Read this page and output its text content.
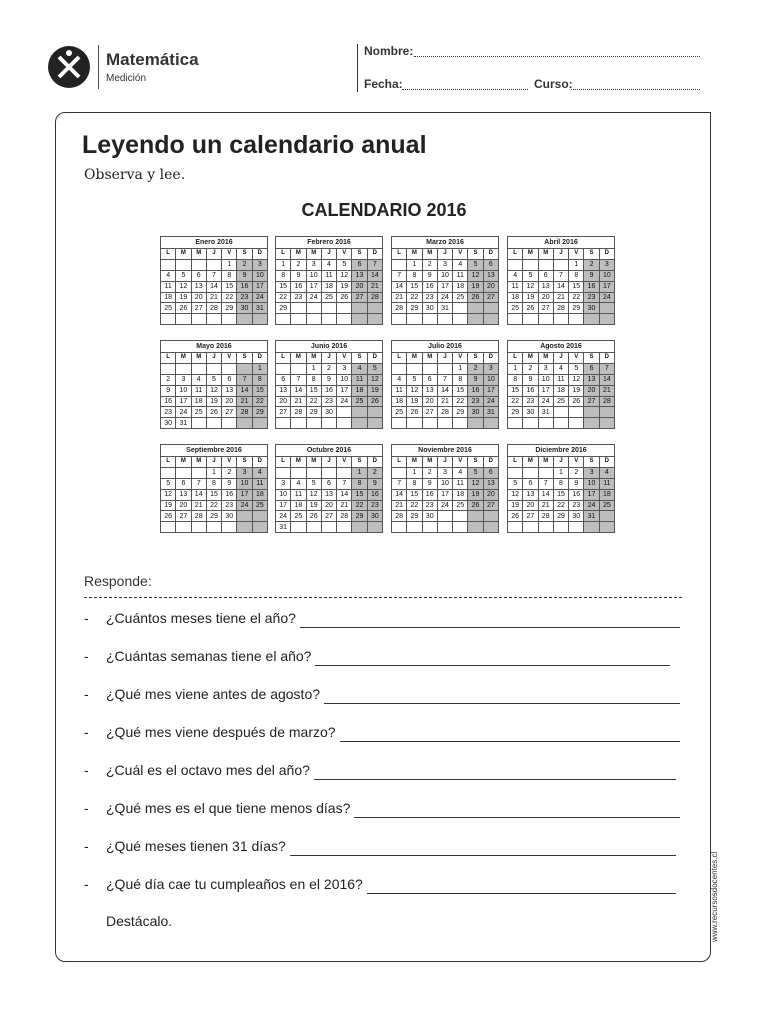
Matemática
Medición
Nombre:
Fecha:	Curso:
Leyendo un calendario anual
Observa y lee.
CALENDARIO 2016
Enero 2016
L	M	M	J	V	S	D
				1	2	3
4	5	6	7	8	9	10
11	12	13	14	15	16	17
18	19	20	21	22	23	24
25	26	27	28	29	30	31

Febrero 2016
L	M	M	J	V	S	D
1	2	3	4	5	6	7
8	9	10	11	12	13	14
15	16	17	18	19	20	21
22	23	24	25	26	27	28
29						

Marzo 2016
L	M	M	J	V	S	D
	1	2	3	4	5	6
7	8	9	10	11	12	13
14	15	16	17	18	19	20
21	22	23	24	25	26	27
28	29	30	31			

Abril 2016
L	M	M	J	V	S	D
				1	2	3
4	5	6	7	8	9	10
11	12	13	14	15	16	17
18	19	20	21	22	23	24
25	26	27	28	29	30	

Mayo 2016
L	M	M	J	V	S	D
						1
2	3	4	5	6	7	8
9	10	11	12	13	14	15
16	17	18	19	20	21	22
23	24	25	26	27	28	29
30	31					
Junio 2016
L	M	M	J	V	S	D
		1	2	3	4	5
6	7	8	9	10	11	12
13	14	15	16	17	18	19
20	21	22	23	24	25	26
27	28	29	30			

Julio 2016
L	M	M	J	V	S	D
				1	2	3
4	5	6	7	8	9	10
11	12	13	14	15	16	17
18	19	20	21	22	23	24
25	26	27	28	29	30	31

Agosto 2016
L	M	M	J	V	S	D
1	2	3	4	5	6	7
8	9	10	11	12	13	14
15	16	17	18	19	20	21
22	23	24	25	26	27	28
29	30	31				

Septiembre 2016
L	M	M	J	V	S	D
			1	2	3	4
5	6	7	8	9	10	11
12	13	14	15	16	17	18
19	20	21	22	23	24	25
26	27	28	29	30		

Octubre 2016
L	M	M	J	V	S	D
					1	2
3	4	5	6	7	8	9
10	11	12	13	14	15	16
17	18	19	20	21	22	23
24	25	26	27	28	29	30
31						
Noviembre 2016
L	M	M	J	V	S	D
	1	2	3	4	5	6
7	8	9	10	11	12	13
14	15	16	17	18	19	20
21	22	23	24	25	26	27
28	29	30				

Diciembre 2016
L	M	M	J	V	S	D
			1	2	3	4
5	6	7	8	9	10	11
12	13	14	15	16	17	18
19	20	21	22	23	24	25
26	27	28	29	30	31	

Responde:
- ¿Cuántos meses tiene el año?
- ¿Cuántas semanas tiene el año?
- ¿Qué mes viene antes de agosto?
- ¿Qué mes viene después de marzo?
- ¿Cuál es el octavo mes del año?
- ¿Qué mes es el que tiene menos días?
- ¿Qué meses tienen 31 días?
- ¿Qué día cae tu cumpleaños en el 2016?
Destácalo.	www.recursosdocentes.cl
